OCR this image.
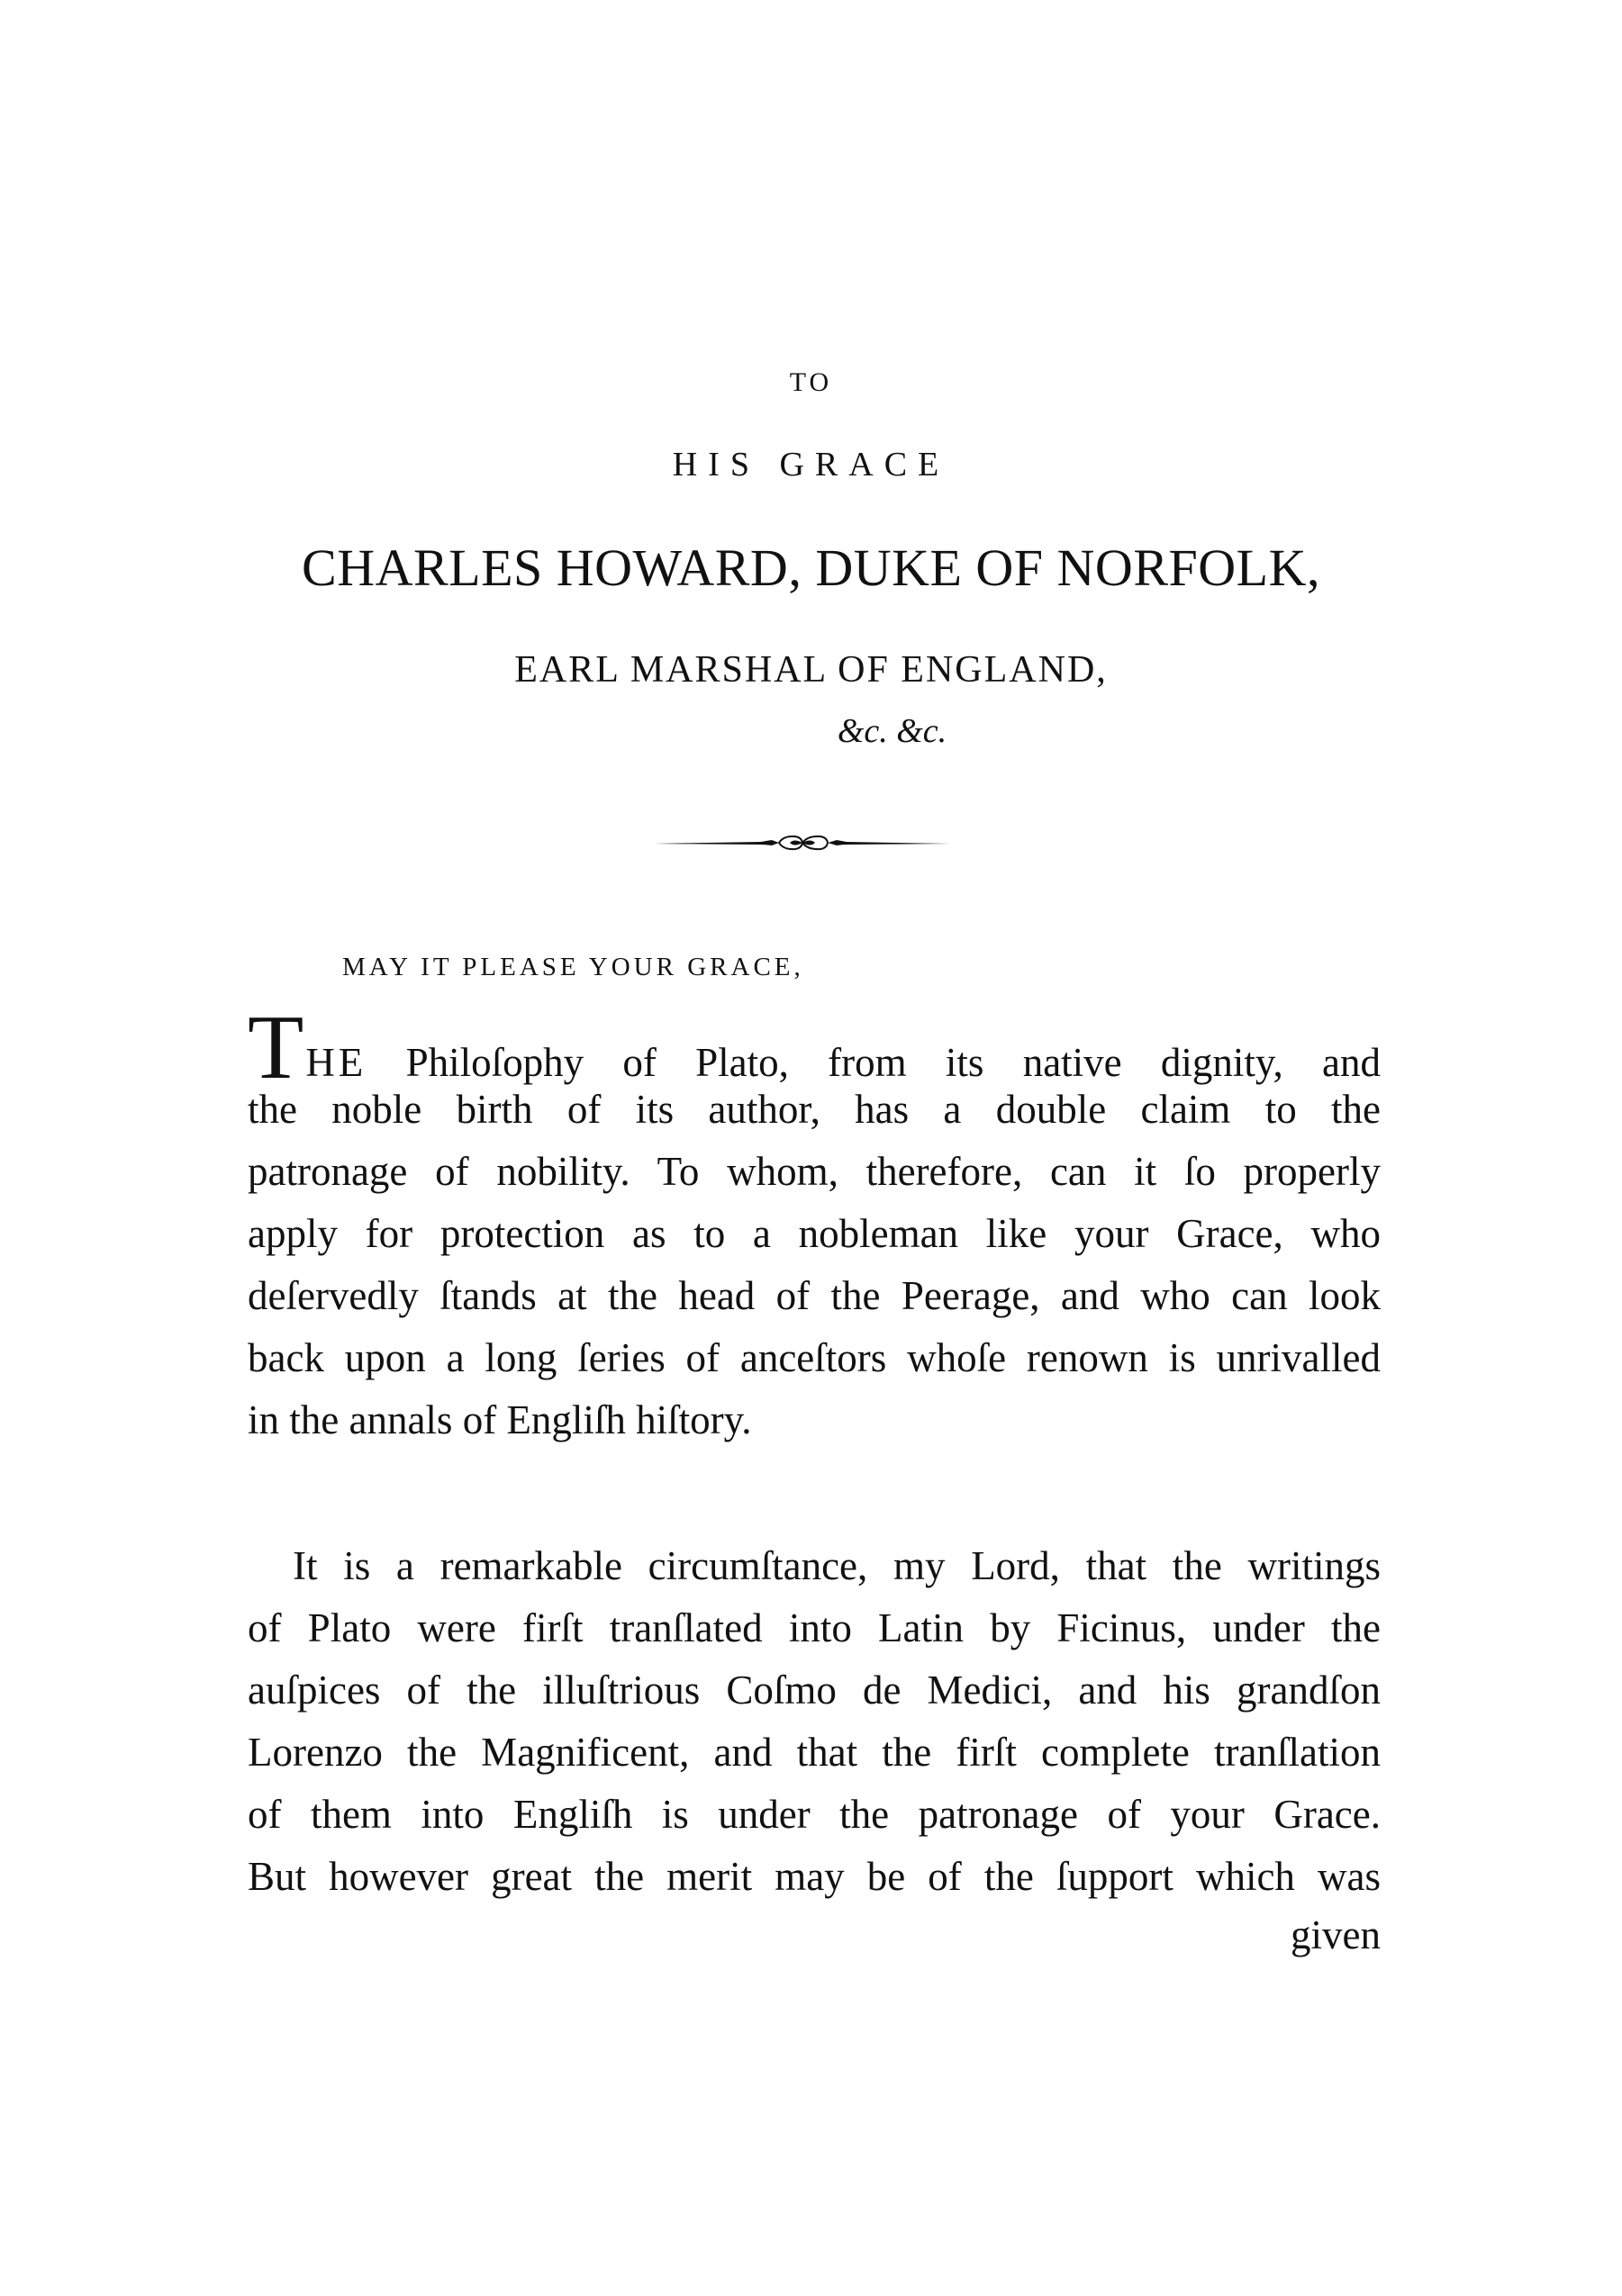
TO
HIS GRACE
CHARLES HOWARD, DUKE OF NORFOLK,
EARL MARSHAL OF ENGLAND,
&c. &c.
MAY IT PLEASE YOUR GRACE,
THE Philoſophy of Plato, from its native dignity, and
the noble birth of its author, has a double claim to the
patronage of nobility. To whom, therefore, can it ſo properly
apply for protection as to a nobleman like your Grace, who
deſervedly ſtands at the head of the Peerage, and who can look
back upon a long ſeries of anceſtors whoſe renown is unrivalled
in the annals of Engliſh hiſtory.
It is a remarkable circumſtance, my Lord, that the writings
of Plato were firſt tranſlated into Latin by Ficinus, under the
auſpices of the illuſtrious Coſmo de Medici, and his grandſon
Lorenzo the Magnificent, and that the firſt complete tranſlation
of them into Engliſh is under the patronage of your Grace.
But however great the merit may be of the ſupport which was
given
